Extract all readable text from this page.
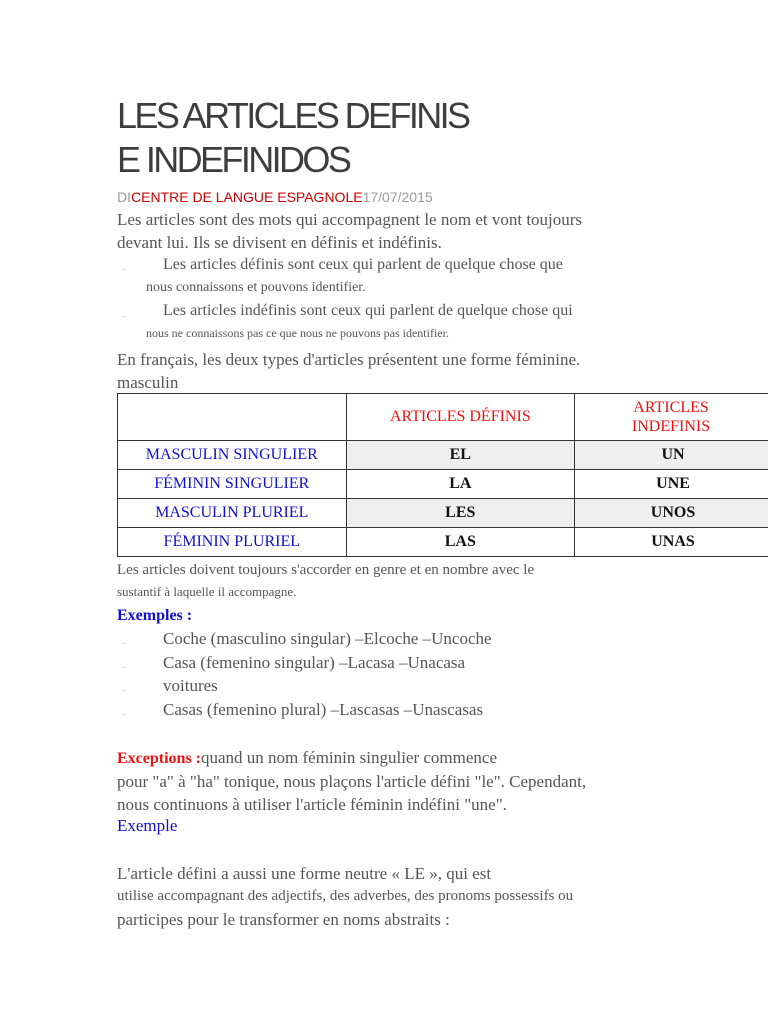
LES ARTICLES DEFINIS
E INDEFINIDOS
DICENTRE DE LANGUE ESPAGNOLE17/07/2015
Les articles sont des mots qui accompagnent le nom et vont toujours
devant lui. Ils se divisent en définis et indéfinis.
. Les articles définis sont ceux qui parlent de quelque chose que
nous connaissons et pouvons identifier.
. Les articles indéfinis sont ceux qui parlent de quelque chose qui
nous ne connaissons pas ce que nous ne pouvons pas identifier.
En français, les deux types d'articles présentent une forme féminine.
masculin
	ARTICLES DÉFINIS	ARTICLES INDEFINIS
MASCULIN SINGULIER	EL	UN
FÉMININ SINGULIER	LA	UNE
MASCULIN PLURIEL	LES	UNOS
FÉMININ PLURIEL	LAS	UNAS
Les articles doivent toujours s'accorder en genre et en nombre avec le
sustantif à laquelle il accompagne.
Exemples :
. Coche (masculino singular) –Elcoche –Uncoche
. Casa (femenino singular) –Lacasa –Unacasa
. voitures
. Casas (femenino plural) –Lascasas –Unascasas
Exceptions :quand un nom féminin singulier commence
pour "a" à "ha" tonique, nous plaçons l'article défini "le". Cependant,
nous continuons à utiliser l'article féminin indéfini "une".
Exemple
L'article défini a aussi une forme neutre « LE », qui est
utilise accompagnant des adjectifs, des adverbes, des pronoms possessifs ou
participes pour le transformer en noms abstraits :
